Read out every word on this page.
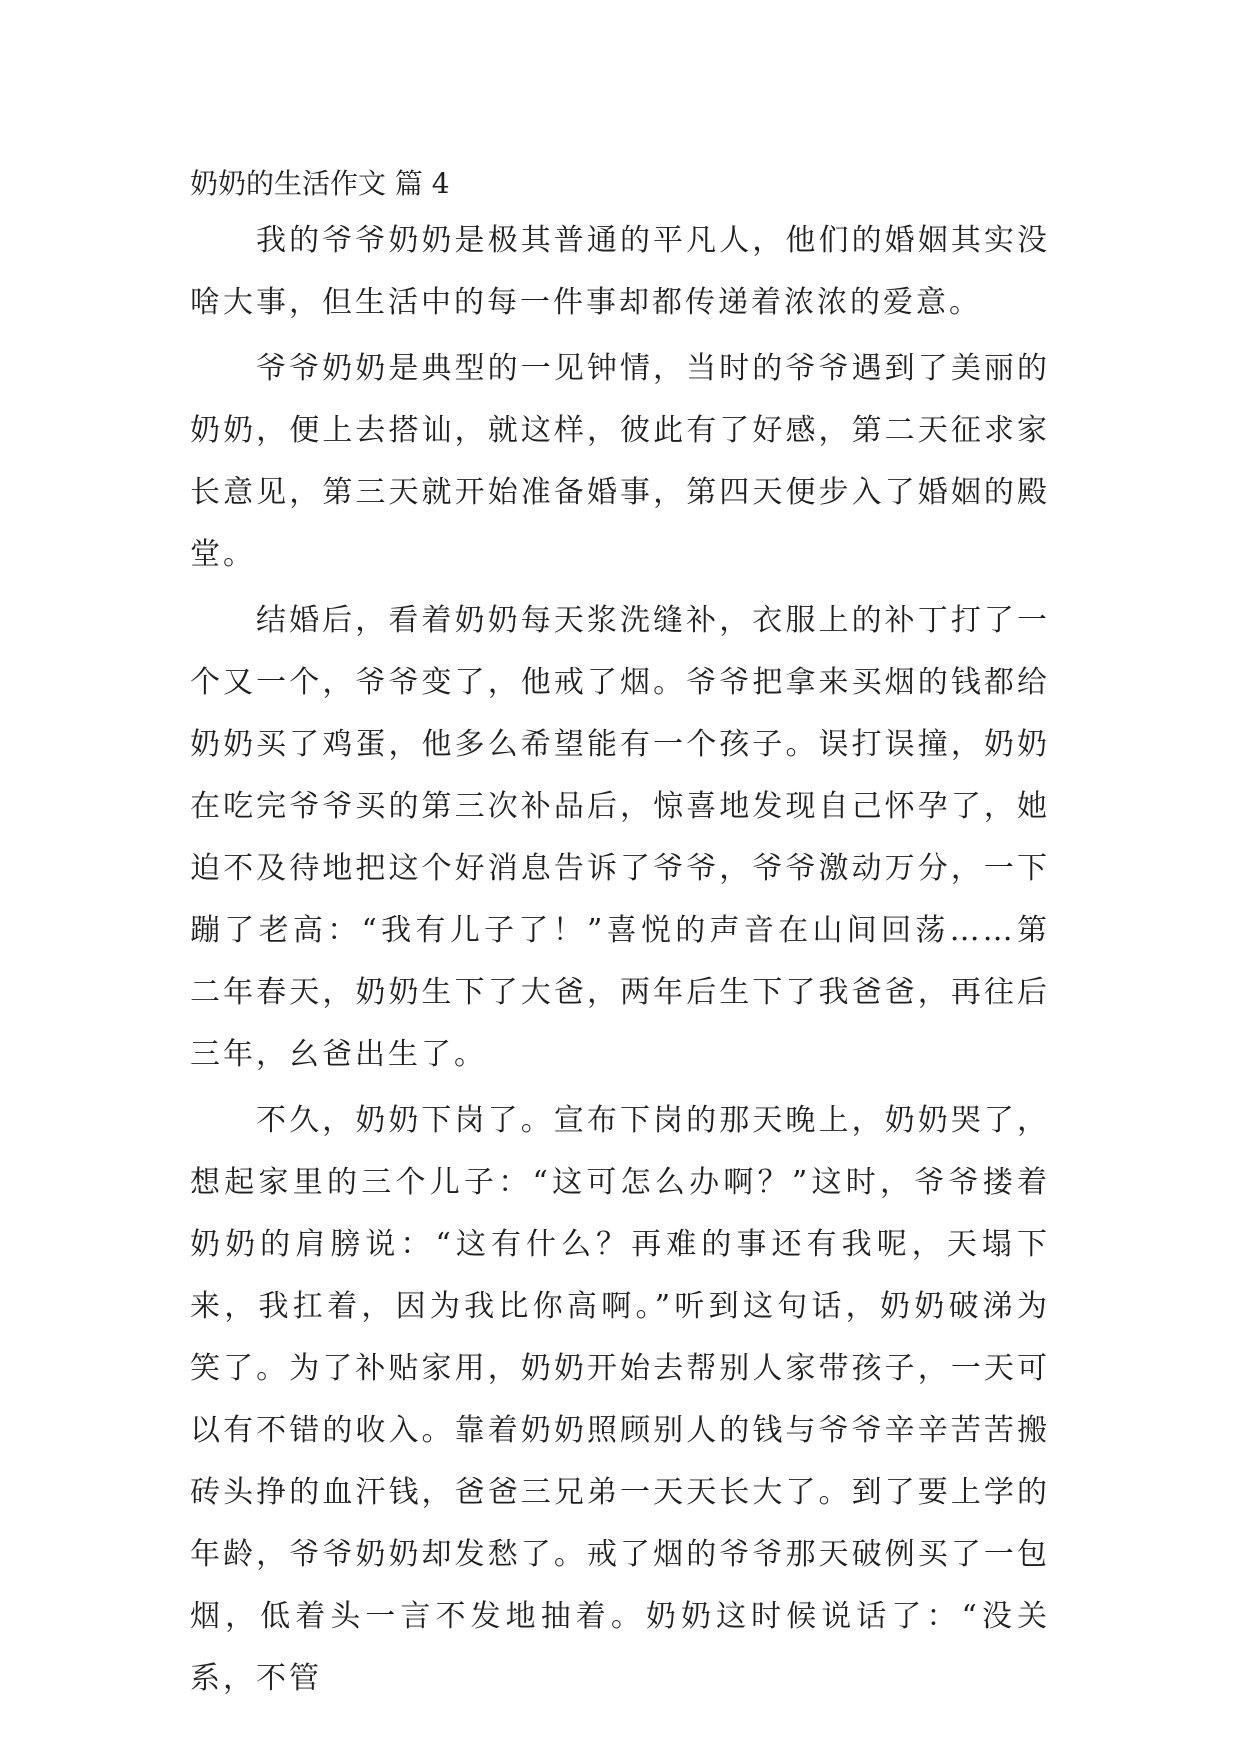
奶奶的生活作文 篇 4

我的爷爷奶奶是极其普通的平凡人，他们的婚姻其实没啥大事，但生活中的每一件事却都传递着浓浓的爱意。

爷爷奶奶是典型的一见钟情，当时的爷爷遇到了美丽的奶奶，便上去搭讪，就这样，彼此有了好感，第二天征求家长意见，第三天就开始准备婚事，第四天便步入了婚姻的殿堂。

结婚后，看着奶奶每天浆洗缝补，衣服上的补丁打了一个又一个，爷爷变了，他戒了烟。爷爷把拿来买烟的钱都给奶奶买了鸡蛋，他多么希望能有一个孩子。误打误撞，奶奶在吃完爷爷买的第三次补品后，惊喜地发现自己怀孕了，她迫不及待地把这个好消息告诉了爷爷，爷爷激动万分，一下蹦了老高：“我有儿子了！”喜悦的声音在山间回荡……第二年春天，奶奶生下了大爸，两年后生下了我爸爸，再往后三年，幺爸出生了。

不久，奶奶下岗了。宣布下岗的那天晚上，奶奶哭了，想起家里的三个儿子：“这可怎么办啊？”这时，爷爷搂着奶奶的肩膀说：“这有什么？再难的事还有我呢，天塌下来，我扛着，因为我比你高啊。”听到这句话，奶奶破涕为笑了。为了补贴家用，奶奶开始去帮别人家带孩子，一天可以有不错的收入。靠着奶奶照顾别人的钱与爷爷辛辛苦苦搬砖头挣的血汗钱，爸爸三兄弟一天天长大了。到了要上学的年龄，爷爷奶奶却发愁了。戒了烟的爷爷那天破例买了一包烟，低着头一言不发地抽着。奶奶这时候说话了：“没关系，不管
